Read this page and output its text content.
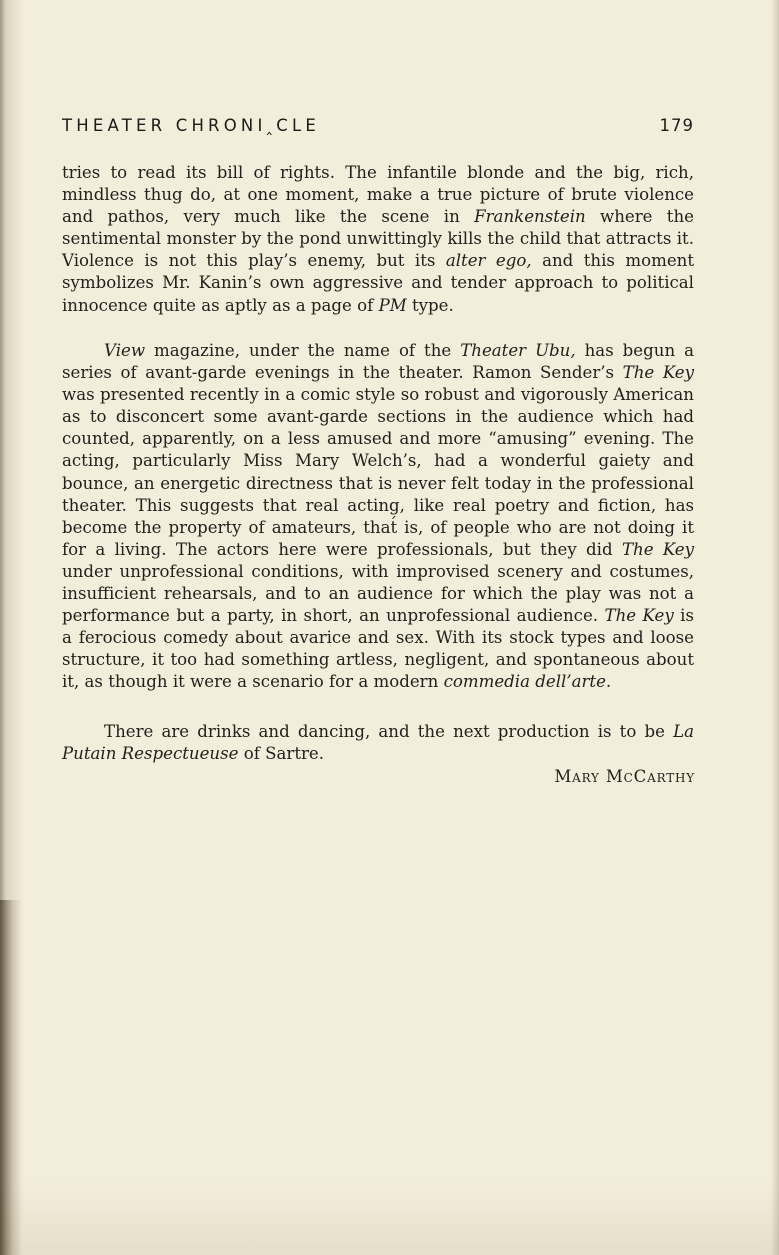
THEATER CHRONI‸CLE	179
tries to read its bill of rights. The infantile blonde and the big, rich, mindless thug do, at one moment, make a true picture of brute violence and pathos, very much like the scene in Frankenstein where the sentimental monster by the pond unwittingly kills the child that attracts it. Violence is not this play’s enemy, but its alter ego, and this moment symbolizes Mr. Kanin’s own aggressive and tender approach to political innocence quite as aptly as a page of PM type.
View magazine, under the name of the Theater Ubu, has begun a series of avant-garde evenings in the theater. Ramon Sender’s The Key was presented recently in a comic style so robust and vigorously American as to disconcert some avant-garde sections in the audience which had counted, apparently, on a less amused and more “amusing” evening. The acting, particularly Miss Mary Welch’s, had a wonderful gaiety and bounce, an energetic directness that is never felt today in the professional theater. This suggests that real acting, like real poetry and fiction, has become the property of amateurs, that́ is, of people who are not doing it for a living. The actors here were professionals, but they did The Key under unprofessional conditions, with improvised scenery and costumes, insufficient rehearsals, and to an audience for which the play was not a performance but a party, in short, an unprofessional audience. The Key is a ferocious comedy about avarice and sex. With its stock types and loose structure, it too had something artless, negligent, and spontaneous about it, as though it were a scenario for a modern commedia dell’arte.
There are drinks and dancing, and the next production is to be La Putain Respectueuse of Sartre.
Mary McCarthy
